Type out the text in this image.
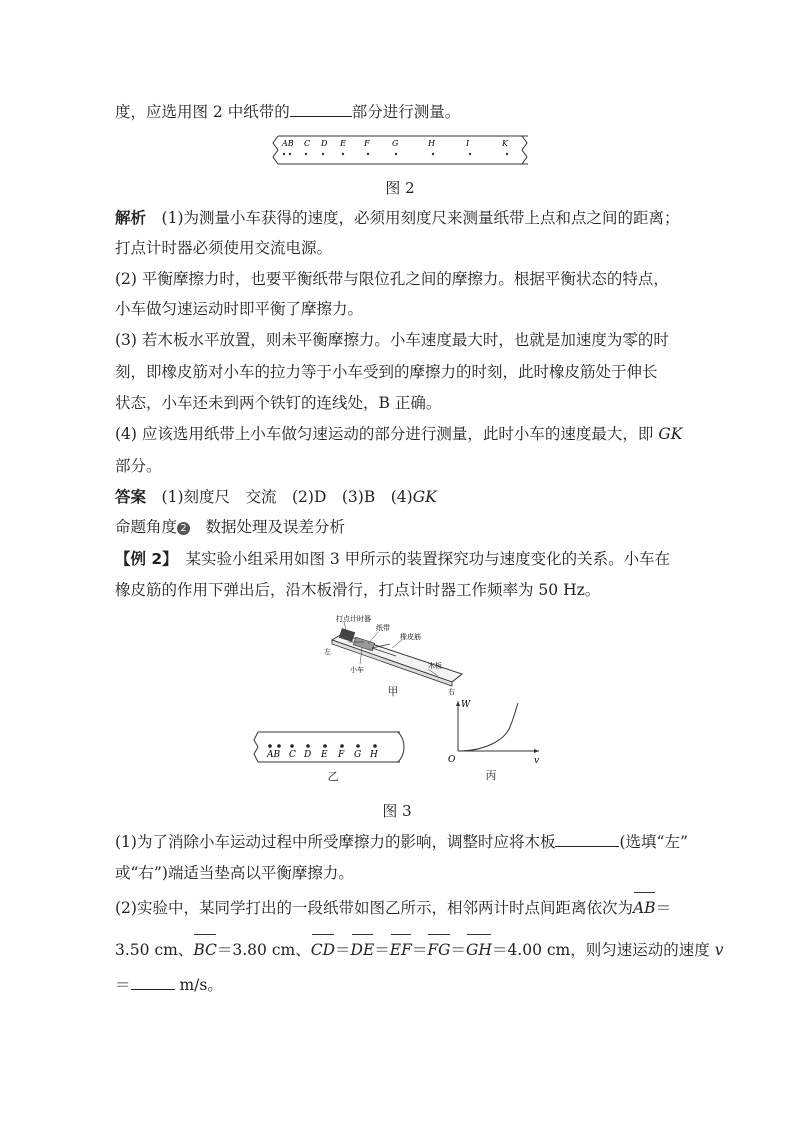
度，应选用图 2 中纸带的	部分进行测量。
AB C D E F	G	H	I	K
图 2
解析　 (1)为测量小车获得的速度，必须用刻度尺来测量纸带上点和点之间的距离；
打点计时器必须使用交流电源。
(2) 平衡摩擦力时，也要平衡纸带与限位孔之间的摩擦力。根据平衡状态的特点，
小车做匀速运动时即平衡了摩擦力。
(3) 若木板水平放置，则未平衡摩擦力。小车速度最大时，也就是加速度为零的时
刻，即橡皮筋对小车的拉力等于小车受到的摩擦力的时刻，此时橡皮筋处于伸长
状态，小车还未到两个铁钉的连线处，B 正确。
(4) 应该选用纸带上小车做匀速运动的部分进行测量，此时小车的速度最大，即 GK
部分。
答案　 (1)刻度尺　交流　(2)D　(3)B　(4)GK
命题角度 2　 数据处理及误差分析
【例 2】　 某实验小组采用如图 3 甲所示的装置探究功与速度变化的关系。小车在
橡皮筋的作用下弹出后，沿木板滑行，打点计时器工作频率为 50 Hz。
打点计时器
纸带
橡皮筋
左
小车	木板
右
甲
AB C D E F G H
乙
W
v
O
丙
图 3
(1)为了消除小车运动过程中所受摩擦力的影响，调整时应将木板	(选填“左”
或“右”)端适当垫高以平衡摩擦力。
(2)实验中，某同学打出的一段纸带如图乙所示，相邻两计时点间距离依次为AB＝
3.50 cm、BC＝3.80 cm、CD＝DE＝EF＝FG＝GH＝4.00 cm，则匀速运动的速度 v
＝	m/s。
